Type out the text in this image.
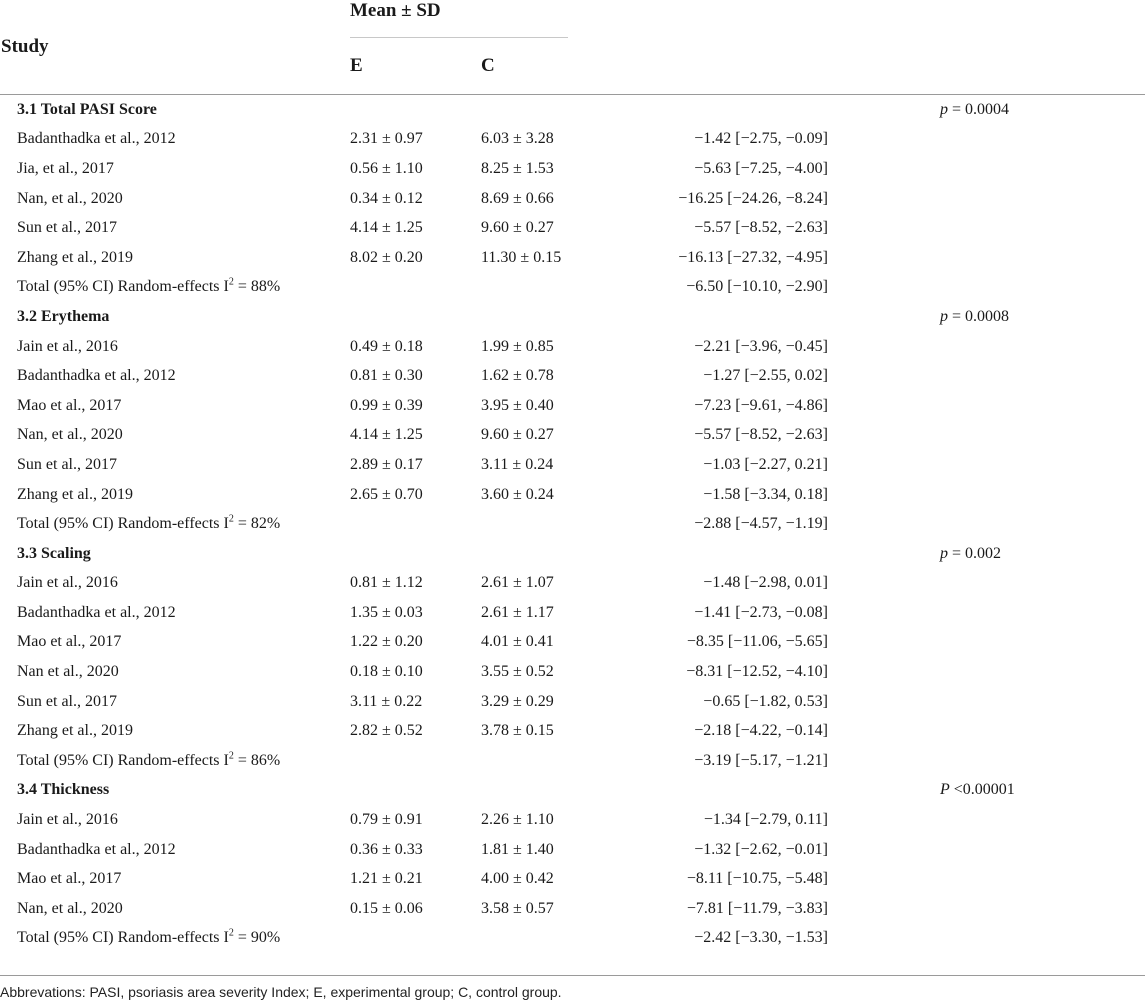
Study	Mean ± SD

	E	C			
3.1 Total PASI Score					p = 0.0004
Badanthadka et al., 2012	2.31 ± 0.97	6.03 ± 3.28	−1.42 [−2.75, −0.09]		
Jia, et al., 2017	0.56 ± 1.10	8.25 ± 1.53	−5.63 [−7.25, −4.00]		
Nan, et al., 2020	0.34 ± 0.12	8.69 ± 0.66	−16.25 [−24.26, −8.24]		
Sun et al., 2017	4.14 ± 1.25	9.60 ± 0.27	−5.57 [−8.52, −2.63]		
Zhang et al., 2019	8.02 ± 0.20	11.30 ± 0.15	−16.13 [−27.32, −4.95]		
Total (95% CI) Random-effects $I^2 = 88\%$			−6.50 [−10.10, −2.90]		
3.2 Erythema					p = 0.0008
Jain et al., 2016	0.49 ± 0.18	1.99 ± 0.85	−2.21 [−3.96, −0.45]		
Badanthadka et al., 2012	0.81 ± 0.30	1.62 ± 0.78	−1.27 [−2.55, 0.02]		
Mao et al., 2017	0.99 ± 0.39	3.95 ± 0.40	−7.23 [−9.61, −4.86]		
Nan, et al., 2020	4.14 ± 1.25	9.60 ± 0.27	−5.57 [−8.52, −2.63]		
Sun et al., 2017	2.89 ± 0.17	3.11 ± 0.24	−1.03 [−2.27, 0.21]		
Zhang et al., 2019	2.65 ± 0.70	3.60 ± 0.24	−1.58 [−3.34, 0.18]		
Total (95% CI) Random-effects $I^2 = 82\%$			−2.88 [−4.57, −1.19]		
3.3 Scaling					p = 0.002
Jain et al., 2016	0.81 ± 1.12	2.61 ± 1.07	−1.48 [−2.98, 0.01]		
Badanthadka et al., 2012	1.35 ± 0.03	2.61 ± 1.17	−1.41 [−2.73, −0.08]		
Mao et al., 2017	1.22 ± 0.20	4.01 ± 0.41	−8.35 [−11.06, −5.65]		
Nan et al., 2020	0.18 ± 0.10	3.55 ± 0.52	−8.31 [−12.52, −4.10]		
Sun et al., 2017	3.11 ± 0.22	3.29 ± 0.29	−0.65 [−1.82, 0.53]		
Zhang et al., 2019	2.82 ± 0.52	3.78 ± 0.15	−2.18 [−4.22, −0.14]		
Total (95% CI) Random-effects $I^2 = 86\%$			−3.19 [−5.17, −1.21]		
3.4 Thickness					P <0.00001
Jain et al., 2016	0.79 ± 0.91	2.26 ± 1.10	−1.34 [−2.79, 0.11]		
Badanthadka et al., 2012	0.36 ± 0.33	1.81 ± 1.40	−1.32 [−2.62, −0.01]		
Mao et al., 2017	1.21 ± 0.21	4.00 ± 0.42	−8.11 [−10.75, −5.48]		
Nan, et al., 2020	0.15 ± 0.06	3.58 ± 0.57	−7.81 [−11.79, −3.83]		
Total (95% CI) Random-effects $I^2 = 90\%$			−2.42 [−3.30, −1.53]		
Abbrevations: PASI, psoriasis area severity Index; E, experimental group; C, control group.
